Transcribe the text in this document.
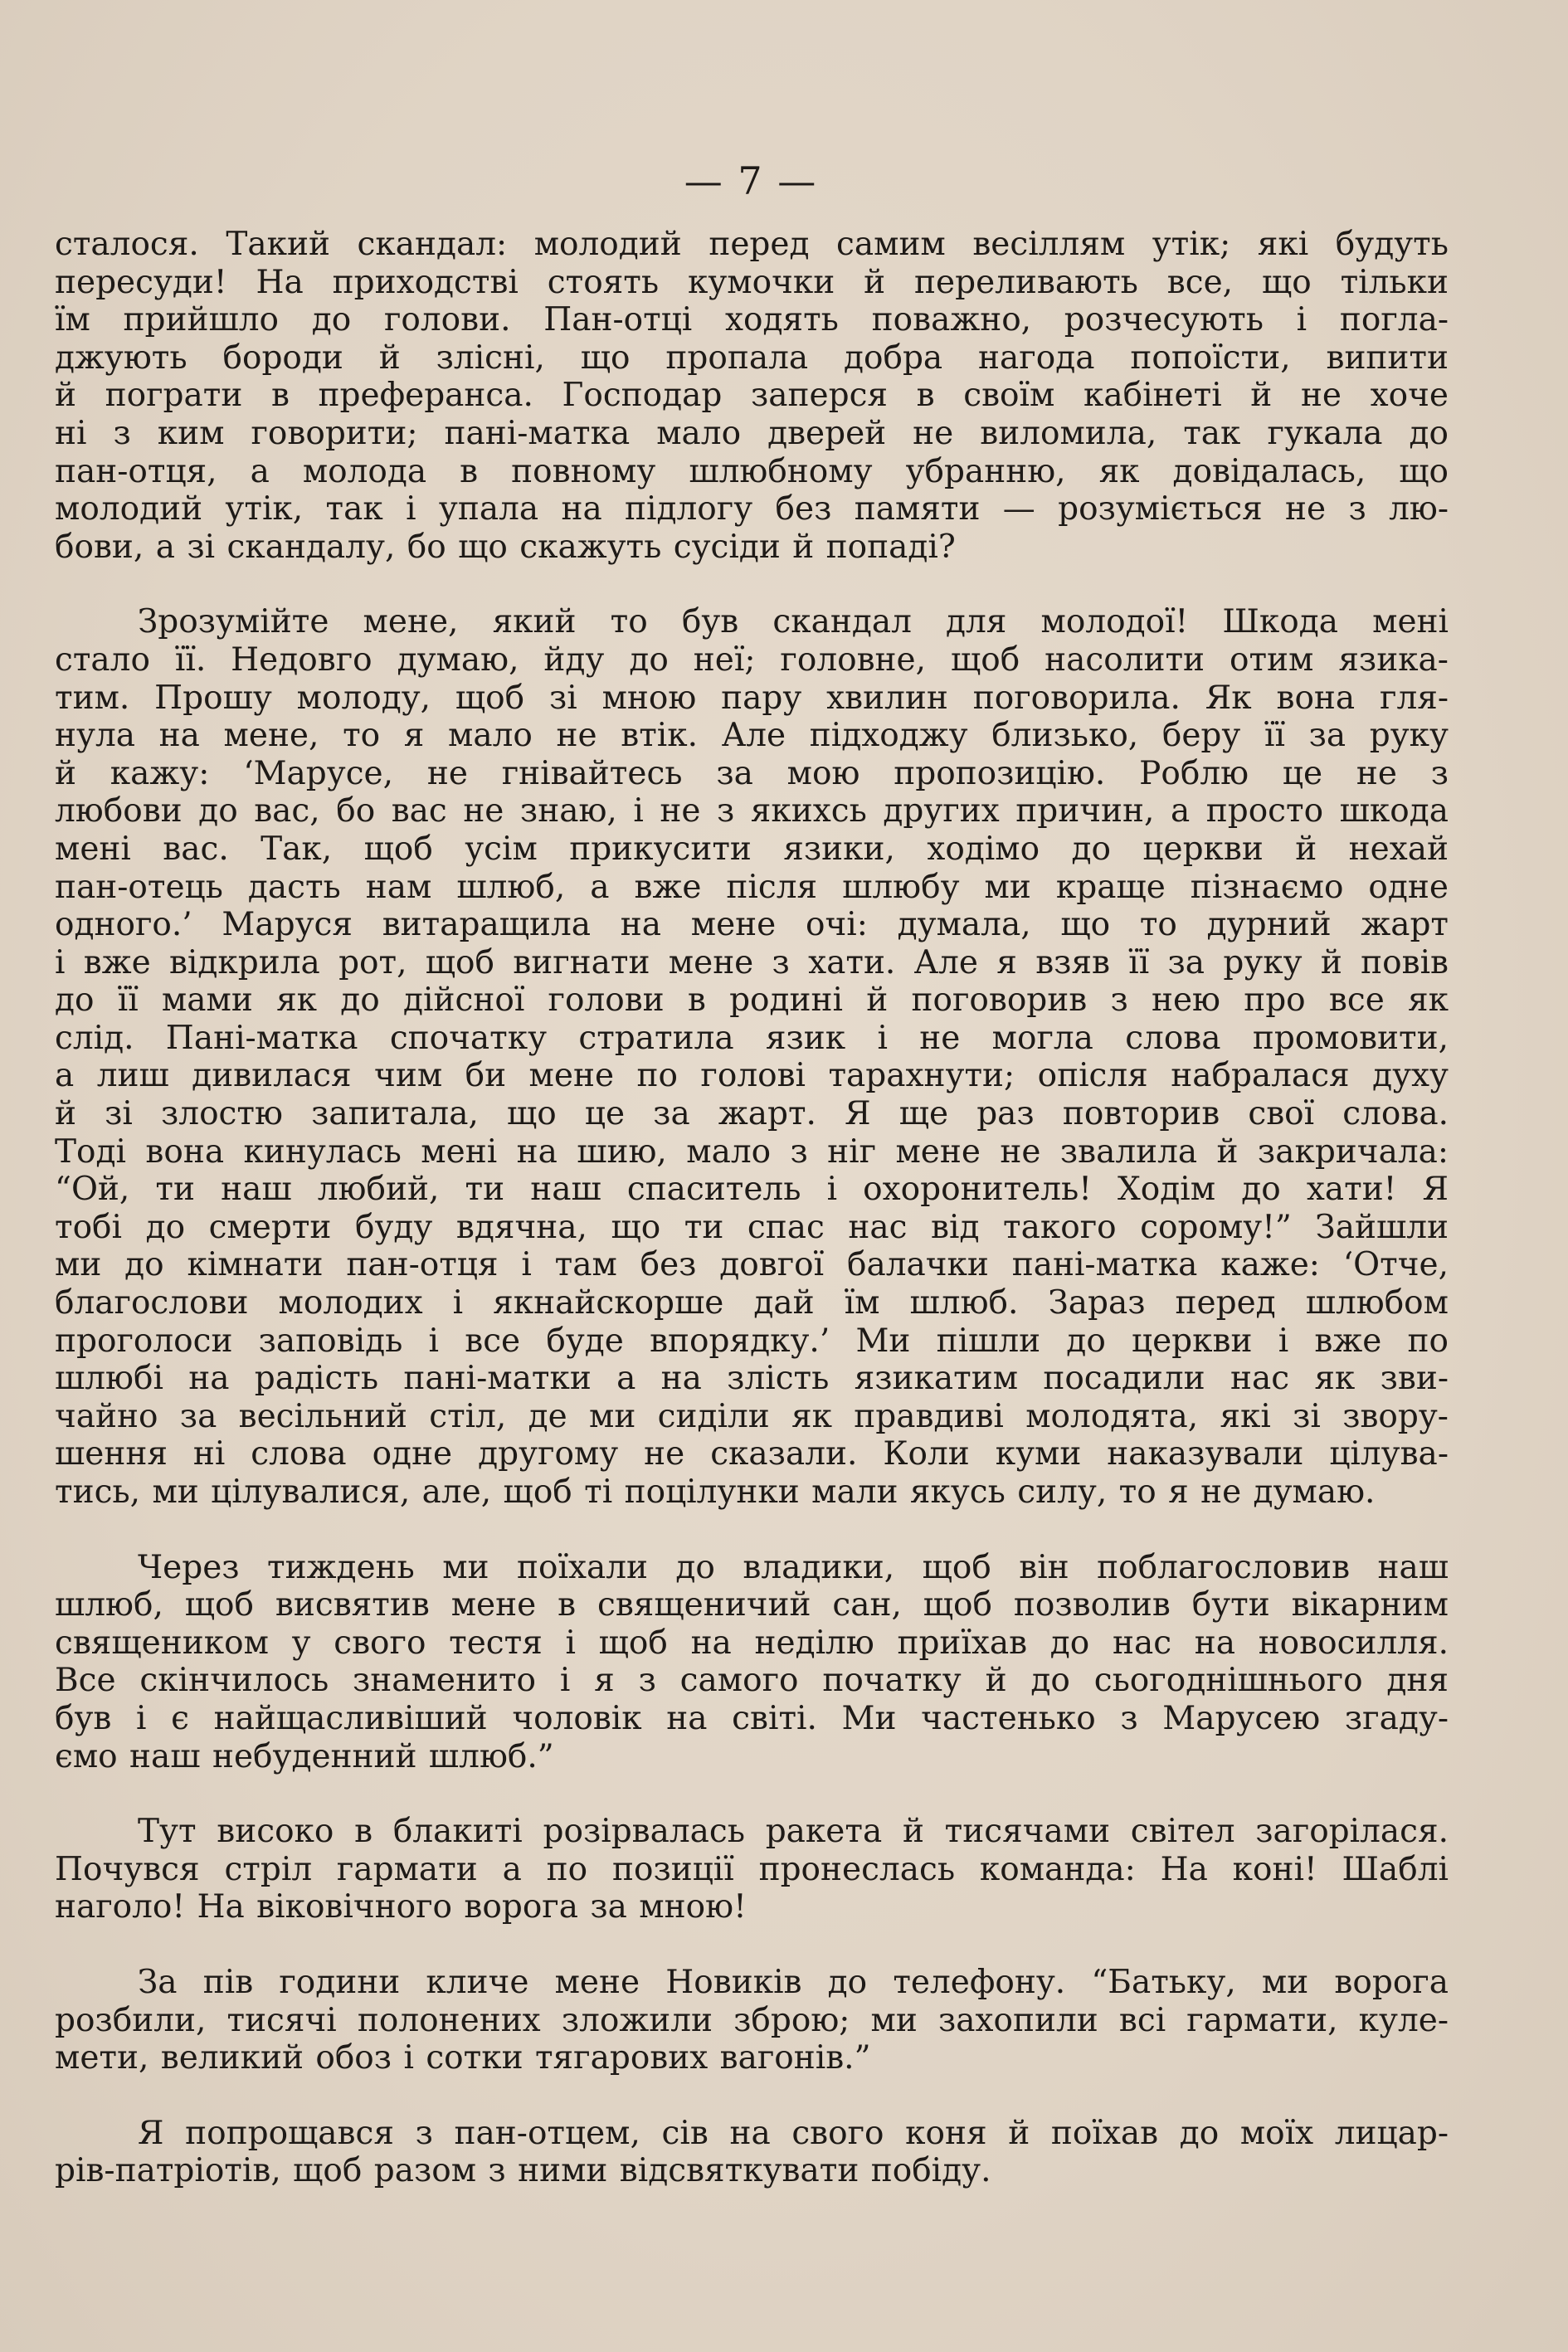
— 7 —
сталося. Такий скандал: молодий перед самим весіллям утік; які будуть
пересуди! На приходстві стоять кумочки й переливають все, що тільки
їм прийшло до голови. Пан-отці ходять поважно, розчесують і погла-
джують бороди й злісні, що пропала добра нагода попоїсти, випити
й пограти в преферанса. Господар заперся в своїм кабінеті й не хоче
ні з ким говорити; пані-матка мало дверей не виломила, так гукала до
пан-отця, а молода в повному шлюбному убранню, як довідалась, що
молодий утік, так і упала на підлогу без памяти — розуміється не з лю-
бови, а зі скандалу, бо що скажуть сусіди й попаді?
Зрозумійте мене, який то був скандал для молодої! Шкода мені
стало її. Недовго думаю, йду до неї; головне, щоб насолити отим язика-
тим. Прошу молоду, щоб зі мною пару хвилин поговорила. Як вона гля-
нула на мене, то я мало не втік. Але підходжу близько, беру її за руку
й кажу: ‘Марусе, не гнівайтесь за мою пропозицію. Роблю це не з
любови до вас, бо вас не знаю, і не з якихсь других причин, а просто шкода
мені вас. Так, щоб усім прикусити язики, ходімо до церкви й нехай
пан-отець дасть нам шлюб, а вже після шлюбу ми краще пізнаємо одне
одного.’ Маруся витаращила на мене очі: думала, що то дурний жарт
і вже відкрила рот, щоб вигнати мене з хати. Але я взяв її за руку й повів
до її мами як до дійсної голови в родині й поговорив з нею про все як
слід. Пані-матка спочатку стратила язик і не могла слова промовити,
а лиш дивилася чим би мене по голові тарахнути; опісля набралася духу
й зі злостю запитала, що це за жарт. Я ще раз повторив свої слова.
Тоді вона кинулась мені на шию, мало з ніг мене не звалила й закричала:
“Ой, ти наш любий, ти наш спаситель і охоронитель! Ходім до хати! Я
тобі до смерти буду вдячна, що ти спас нас від такого сорому!” Зайшли
ми до кімнати пан-отця і там без довгої балачки пані-матка каже: ‘Отче,
благослови молодих і якнайскорше дай їм шлюб. Зараз перед шлюбом
проголоси заповідь і все буде впорядку.’ Ми пішли до церкви і вже по
шлюбі на радість пані-матки а на злість язикатим посадили нас як зви-
чайно за весільний стіл, де ми сиділи як правдиві молодята, які зі звору-
шення ні слова одне другому не сказали. Коли куми наказували цілува-
тись, ми цілувалися, але, щоб ті поцілунки мали якусь силу, то я не думаю.
Через тиждень ми поїхали до владики, щоб він поблагословив наш
шлюб, щоб висвятив мене в священичий сан, щоб позволив бути вікарним
священиком у свого тестя і щоб на неділю приїхав до нас на новосилля.
Все скінчилось знаменито і я з самого початку й до сьогоднішнього дня
був і є найщасливіший чоловік на світі. Ми частенько з Марусею згаду-
ємо наш небуденний шлюб.”
Тут високо в блакиті розірвалась ракета й тисячами світел загорілася.
Почувся стріл гармати а по позиції пронеслась команда: На коні! Шаблі
наголо! На віковічного ворога за мною!
За пів години кличе мене Новиків до телефону. “Батьку, ми ворога
розбили, тисячі полонених зложили зброю; ми захопили всі гармати, куле-
мети, великий обоз і сотки тягарових вагонів.”
Я попрощався з пан-отцем, сів на свого коня й поїхав до моїх лицар-
рів-патріотів, щоб разом з ними відсвяткувати побіду.
